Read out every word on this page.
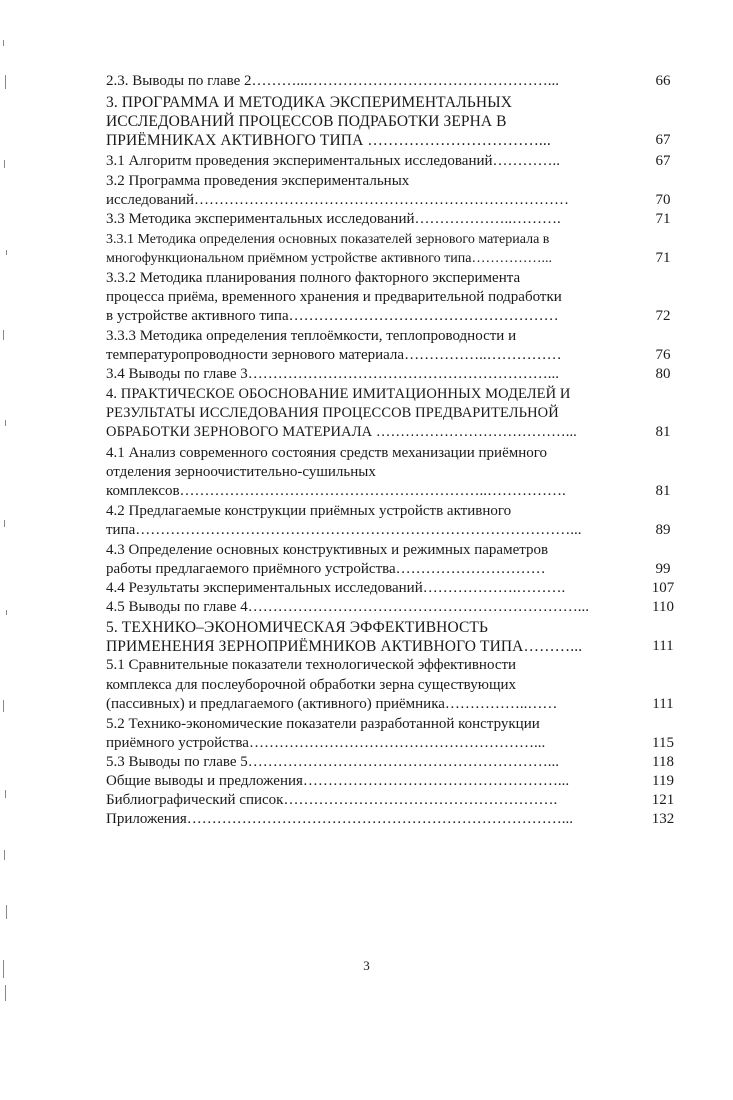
2.3. Выводы по главе 2………...…………………………………………...	66
3. ПРОГРАММА И МЕТОДИКА ЭКСПЕРИМЕНТАЛЬНЫХ
ИССЛЕДОВАНИЙ ПРОЦЕССОВ ПОДРАБОТКИ ЗЕРНА В
ПРИЁМНИКАХ АКТИВНОГО ТИПА ……………………………...	67
3.1 Алгоритм проведения экспериментальных исследований…………..	67
3.2 Программа проведения экспериментальных
исследований…………………………………………………………………	70
3.3 Методика экспериментальных исследований………………..……….	71
3.3.1 Методика определения основных показателей зернового материала в
многофункциональном приёмном устройстве активного типа……………...	71
3.3.2 Методика планирования полного факторного эксперимента
процесса приёма, временного хранения и предварительной подработки
в устройстве активного типа………………………………………………	72
3.3.3 Методика определения теплоёмкости, теплопроводности и
температуропроводности зернового материала……………..……………	76
3.4 Выводы по главе 3……………………………………………………...	80
4. ПРАКТИЧЕСКОЕ ОБОСНОВАНИЕ ИМИТАЦИОННЫХ МОДЕЛЕЙ И
РЕЗУЛЬТАТЫ ИССЛЕДОВАНИЯ ПРОЦЕССОВ ПРЕДВАРИТЕЛЬНОЙ
ОБРАБОТКИ ЗЕРНОВОГО МАТЕРИАЛА …………………………………...	81
4.1 Анализ современного состояния средств механизации приёмного
отделения зерноочистительно-сушильных
комплексов……………………………………………………..…………….	81
4.2 Предлагаемые конструкции приёмных устройств активного
типа……………………………………………………………………………...	89
4.3 Определение основных конструктивных и режимных параметров
работы предлагаемого приёмного устройства…………………………	99
4.4 Результаты экспериментальных исследований……………….……….	107
4.5 Выводы по главе 4…………………………………………………………...	110
5. ТЕХНИКО–ЭКОНОМИЧЕСКАЯ ЭФФЕКТИВНОСТЬ
ПРИМЕНЕНИЯ ЗЕРНОПРИЁМНИКОВ АКТИВНОГО ТИПА………...	111
5.1 Сравнительные показатели технологической эффективности
комплекса для послеуборочной обработки зерна существующих
(пассивных) и предлагаемого (активного) приёмника……………..……	111
5.2 Технико-экономические показатели разработанной конструкции
приёмного устройства…………………………………………………...	115
5.3 Выводы по главе 5……………………………………………………...	118
Общие выводы и предложения……………………………………………...	119
Библиографический список……………………………………………….	121
Приложения…………………………………………………………………...	132
3
